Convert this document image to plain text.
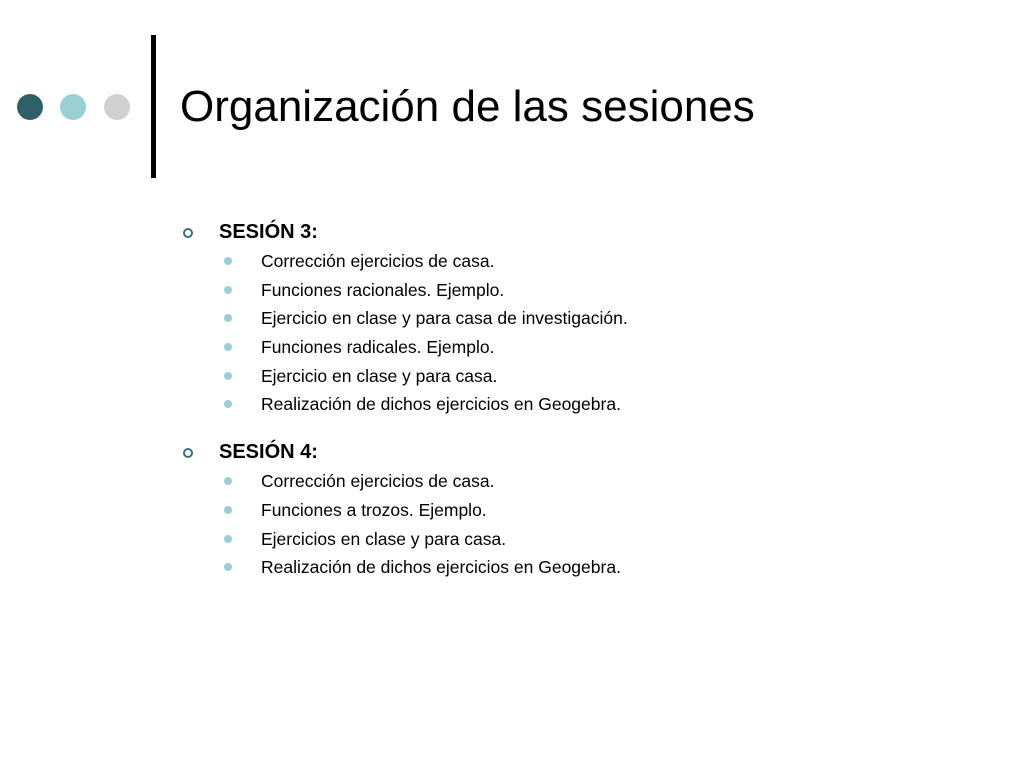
Organización de las sesiones
SESIÓN 3:
Corrección ejercicios de casa.
Funciones racionales. Ejemplo.
Ejercicio en clase y para casa de investigación.
Funciones radicales. Ejemplo.
Ejercicio en clase y para casa.
Realización de dichos ejercicios en Geogebra.
SESIÓN 4:
Corrección ejercicios de casa.
Funciones a trozos. Ejemplo.
Ejercicios en clase y para casa.
Realización de dichos ejercicios en Geogebra.
